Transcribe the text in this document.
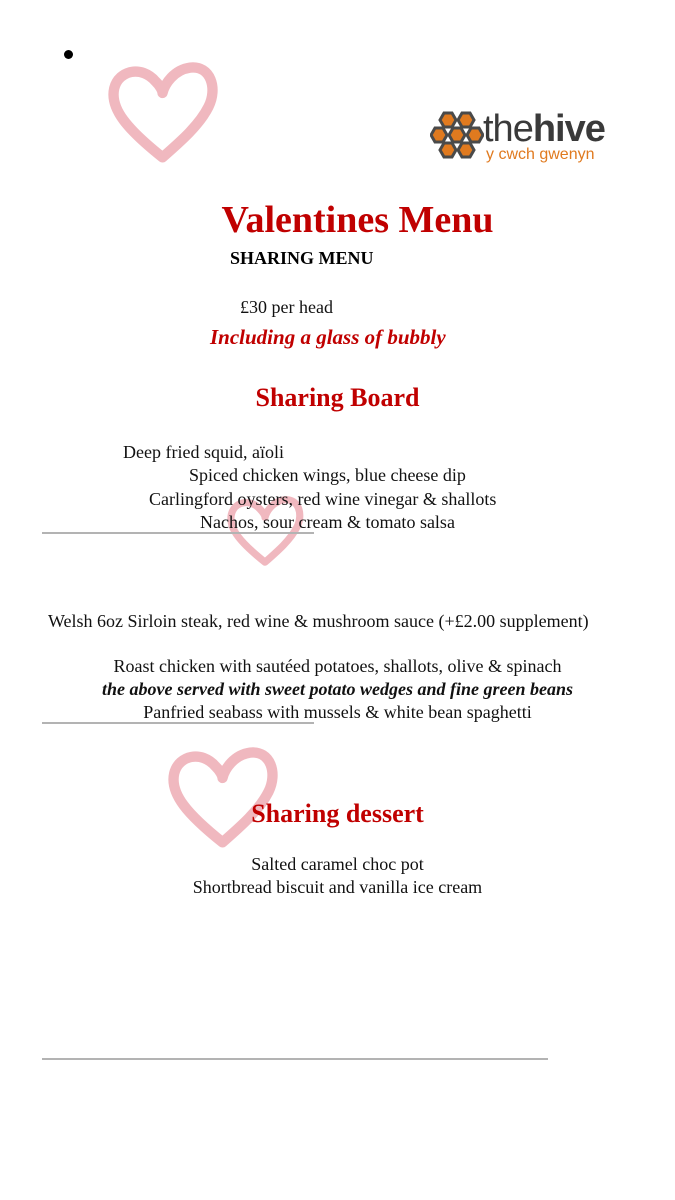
thehive
y cwch gwenyn
Valentines Menu
SHARING MENU
£30 per head
Including a glass of bubbly
Sharing Board
Deep fried squid, aïoli
Spiced chicken wings, blue cheese dip
Carlingford oysters, red wine vinegar & shallots
Nachos, sour cream & tomato salsa
Welsh 6oz Sirloin steak, red wine & mushroom sauce (+£2.00 supplement)
Roast chicken with sautéed potatoes, shallots, olive & spinach
the above served with sweet potato wedges and fine green beans
Panfried seabass with mussels & white bean spaghetti
Sharing dessert
Salted caramel choc pot
Shortbread biscuit and vanilla ice cream
